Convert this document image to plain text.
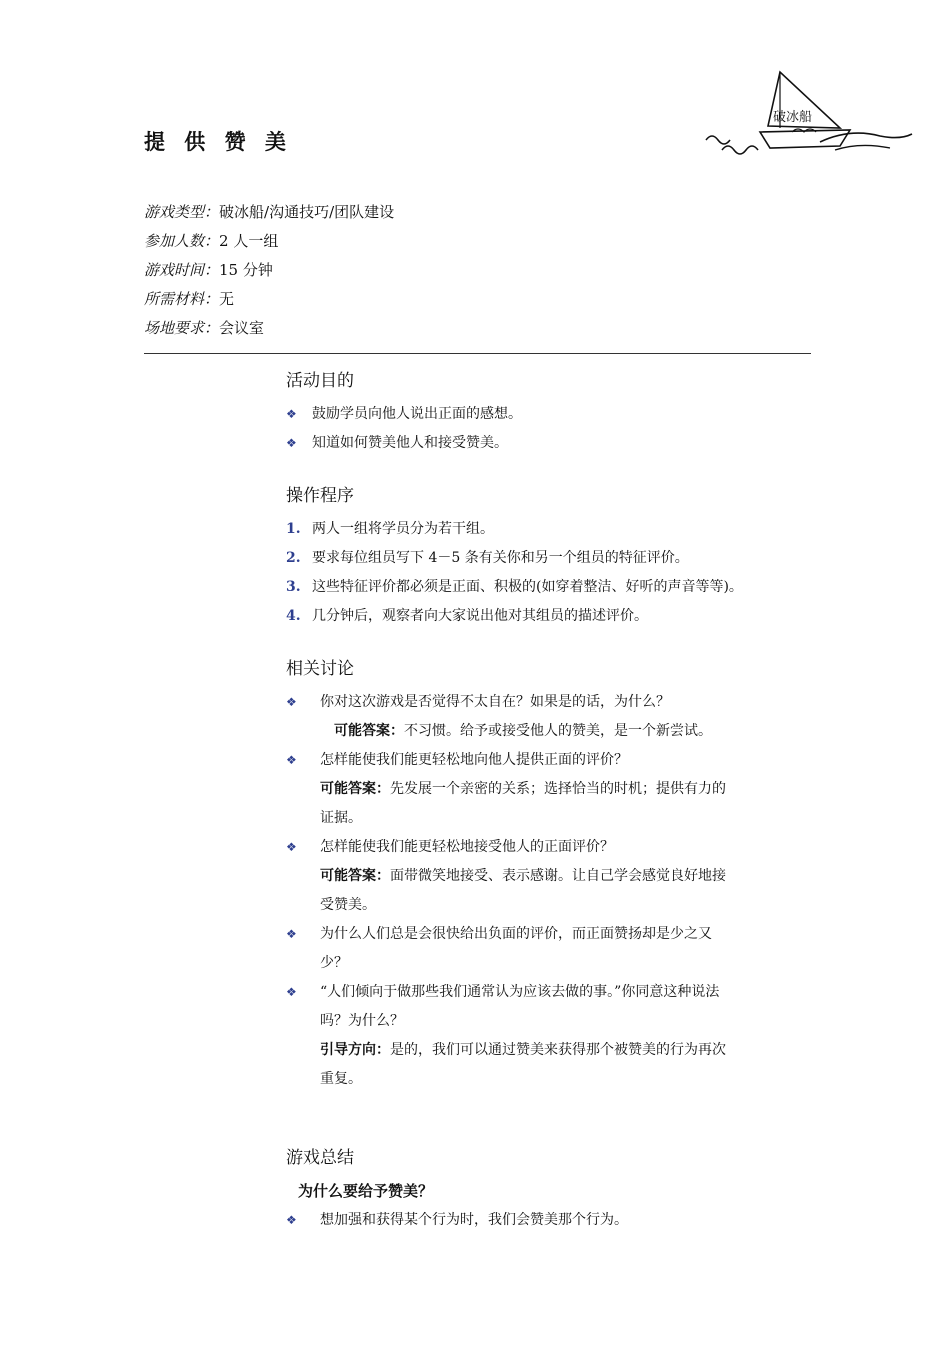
提 供 赞 美
破冰船
游戏类型：破冰船/沟通技巧/团队建设
参加人数：2 人一组
游戏时间：15 分钟
所需材料：无
场地要求：会议室
活动目的
❖	鼓励学员向他人说出正面的感想。
❖	知道如何赞美他人和接受赞美。
操作程序
1. 两人一组将学员分为若干组。
2. 要求每位组员写下 4－5 条有关你和另一个组员的特征评价。
3. 这些特征评价都必须是正面、积极的(如穿着整洁、好听的声音等等)。
4. 几分钟后，观察者向大家说出他对其组员的描述评价。
相关讨论
❖	你对这次游戏是否觉得不太自在？如果是的话，为什么？
可能答案：不习惯。给予或接受他人的赞美，是一个新尝试。
❖	怎样能使我们能更轻松地向他人提供正面的评价？
可能答案：先发展一个亲密的关系；选择恰当的时机；提供有力的
证据。
❖	怎样能使我们能更轻松地接受他人的正面评价？
可能答案：面带微笑地接受、表示感谢。让自己学会感觉良好地接
受赞美。
❖	为什么人们总是会很快给出负面的评价，而正面赞扬却是少之又
少？
❖	“人们倾向于做那些我们通常认为应该去做的事。”你同意这种说法
吗？为什么？
引导方向：是的，我们可以通过赞美来获得那个被赞美的行为再次
重复。
游戏总结
为什么要给予赞美？
❖	想加强和获得某个行为时，我们会赞美那个行为。
